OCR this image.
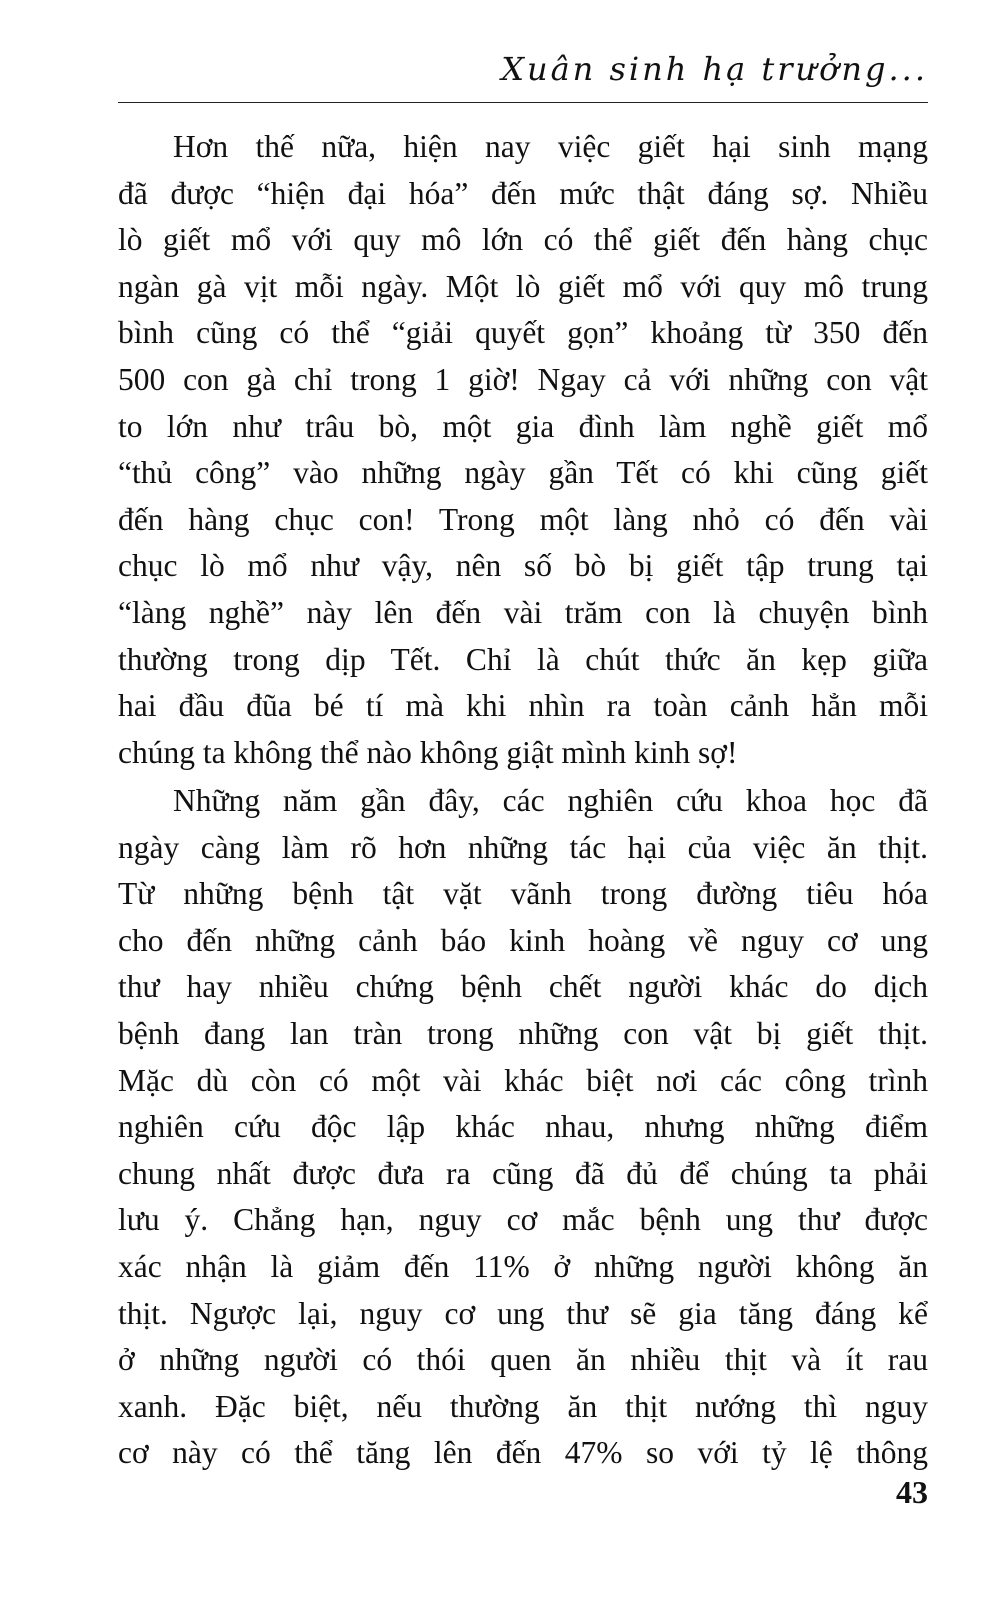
Xuân sinh hạ trưởng...
Hơn thế nữa, hiện nay việc giết hại sinh mạng
đã được “hiện đại hóa” đến mức thật đáng sợ. Nhiều
lò giết mổ với quy mô lớn có thể giết đến hàng chục
ngàn gà vịt mỗi ngày. Một lò giết mổ với quy mô trung
bình cũng có thể “giải quyết gọn” khoảng từ 350 đến
500 con gà chỉ trong 1 giờ! Ngay cả với những con vật
to lớn như trâu bò, một gia đình làm nghề giết mổ
“thủ công” vào những ngày gần Tết có khi cũng giết
đến hàng chục con! Trong một làng nhỏ có đến vài
chục lò mổ như vậy, nên số bò bị giết tập trung tại
“làng nghề” này lên đến vài trăm con là chuyện bình
thường trong dịp Tết. Chỉ là chút thức ăn kẹp giữa
hai đầu đũa bé tí mà khi nhìn ra toàn cảnh hẳn mỗi
chúng ta không thể nào không giật mình kinh sợ!
Những năm gần đây, các nghiên cứu khoa học đã
ngày càng làm rõ hơn những tác hại của việc ăn thịt.
Từ những bệnh tật vặt vãnh trong đường tiêu hóa
cho đến những cảnh báo kinh hoàng về nguy cơ ung
thư hay nhiều chứng bệnh chết người khác do dịch
bệnh đang lan tràn trong những con vật bị giết thịt.
Mặc dù còn có một vài khác biệt nơi các công trình
nghiên cứu độc lập khác nhau, nhưng những điểm
chung nhất được đưa ra cũng đã đủ để chúng ta phải
lưu ý. Chẳng hạn, nguy cơ mắc bệnh ung thư được
xác nhận là giảm đến 11% ở những người không ăn
thịt. Ngược lại, nguy cơ ung thư sẽ gia tăng đáng kể
ở những người có thói quen ăn nhiều thịt và ít rau
xanh. Đặc biệt, nếu thường ăn thịt nướng thì nguy
cơ này có thể tăng lên đến 47% so với tỷ lệ thông
43
